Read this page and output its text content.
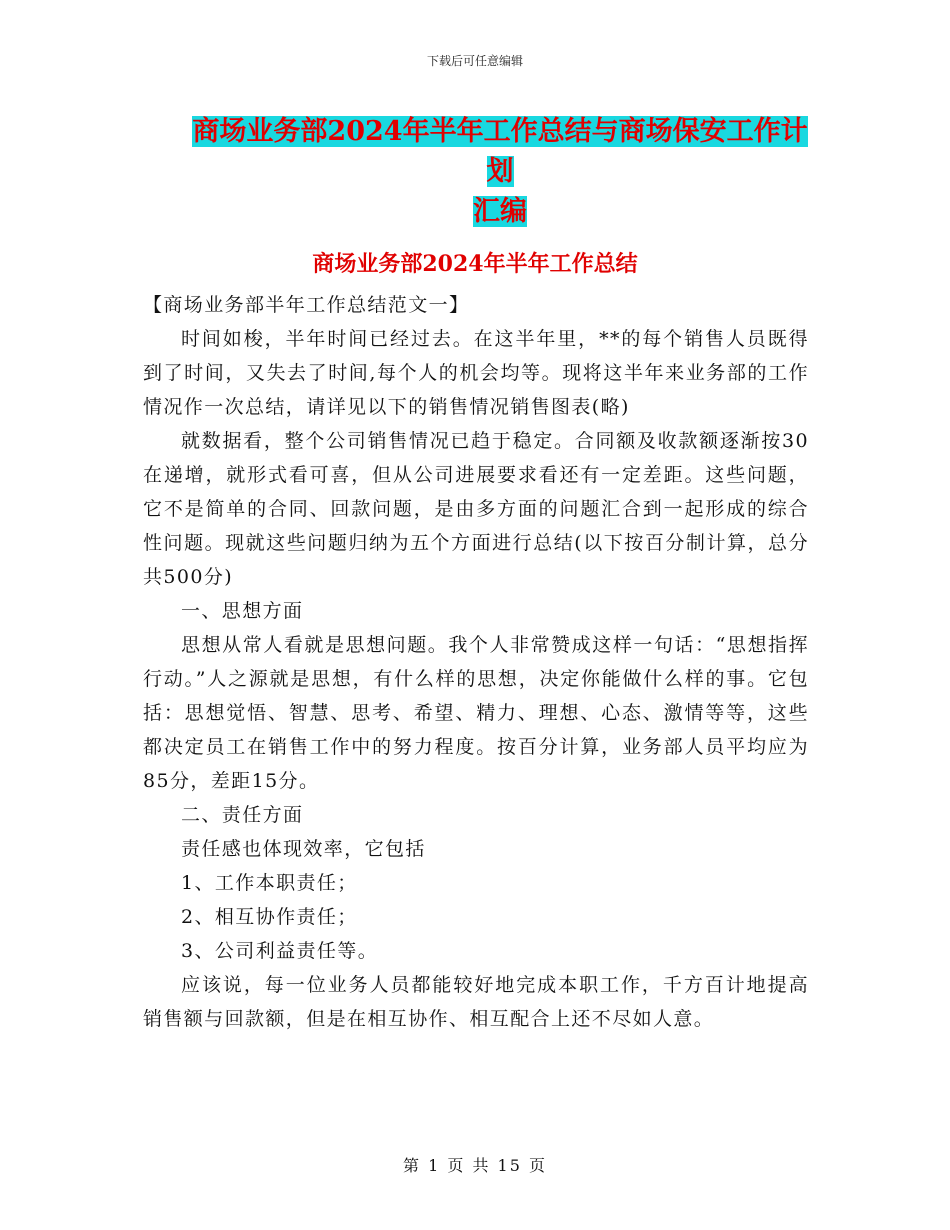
下载后可任意编辑
商场业务部2024年半年工作总结与商场保安工作计划
汇编
商场业务部2024年半年工作总结

【商场业务部半年工作总结范文一】

时间如梭，半年时间已经过去。在这半年里，**的每个销售人员既得到了时间，又失去了时间,每个人的机会均等。现将这半年来业务部的工作情况作一次总结，请详见以下的销售情况销售图表(略)

就数据看，整个公司销售情况已趋于稳定。合同额及收款额逐渐按30在递增，就形式看可喜，但从公司进展要求看还有一定差距。这些问题，它不是简单的合同、回款问题，是由多方面的问题汇合到一起形成的综合性问题。现就这些问题归纳为五个方面进行总结(以下按百分制计算，总分共500分)

一、思想方面

思想从常人看就是思想问题。我个人非常赞成这样一句话：“思想指挥行动。”人之源就是思想，有什么样的思想，决定你能做什么样的事。它包括：思想觉悟、智慧、思考、希望、精力、理想、心态、激情等等，这些都决定员工在销售工作中的努力程度。按百分计算，业务部人员平均应为85分，差距15分。

二、责任方面

责任感也体现效率，它包括

1、工作本职责任；

2、相互协作责任；

3、公司利益责任等。

应该说，每一位业务人员都能较好地完成本职工作，千方百计地提高销售额与回款额，但是在相互协作、相互配合上还不尽如人意。

第 1 页 共 15 页
